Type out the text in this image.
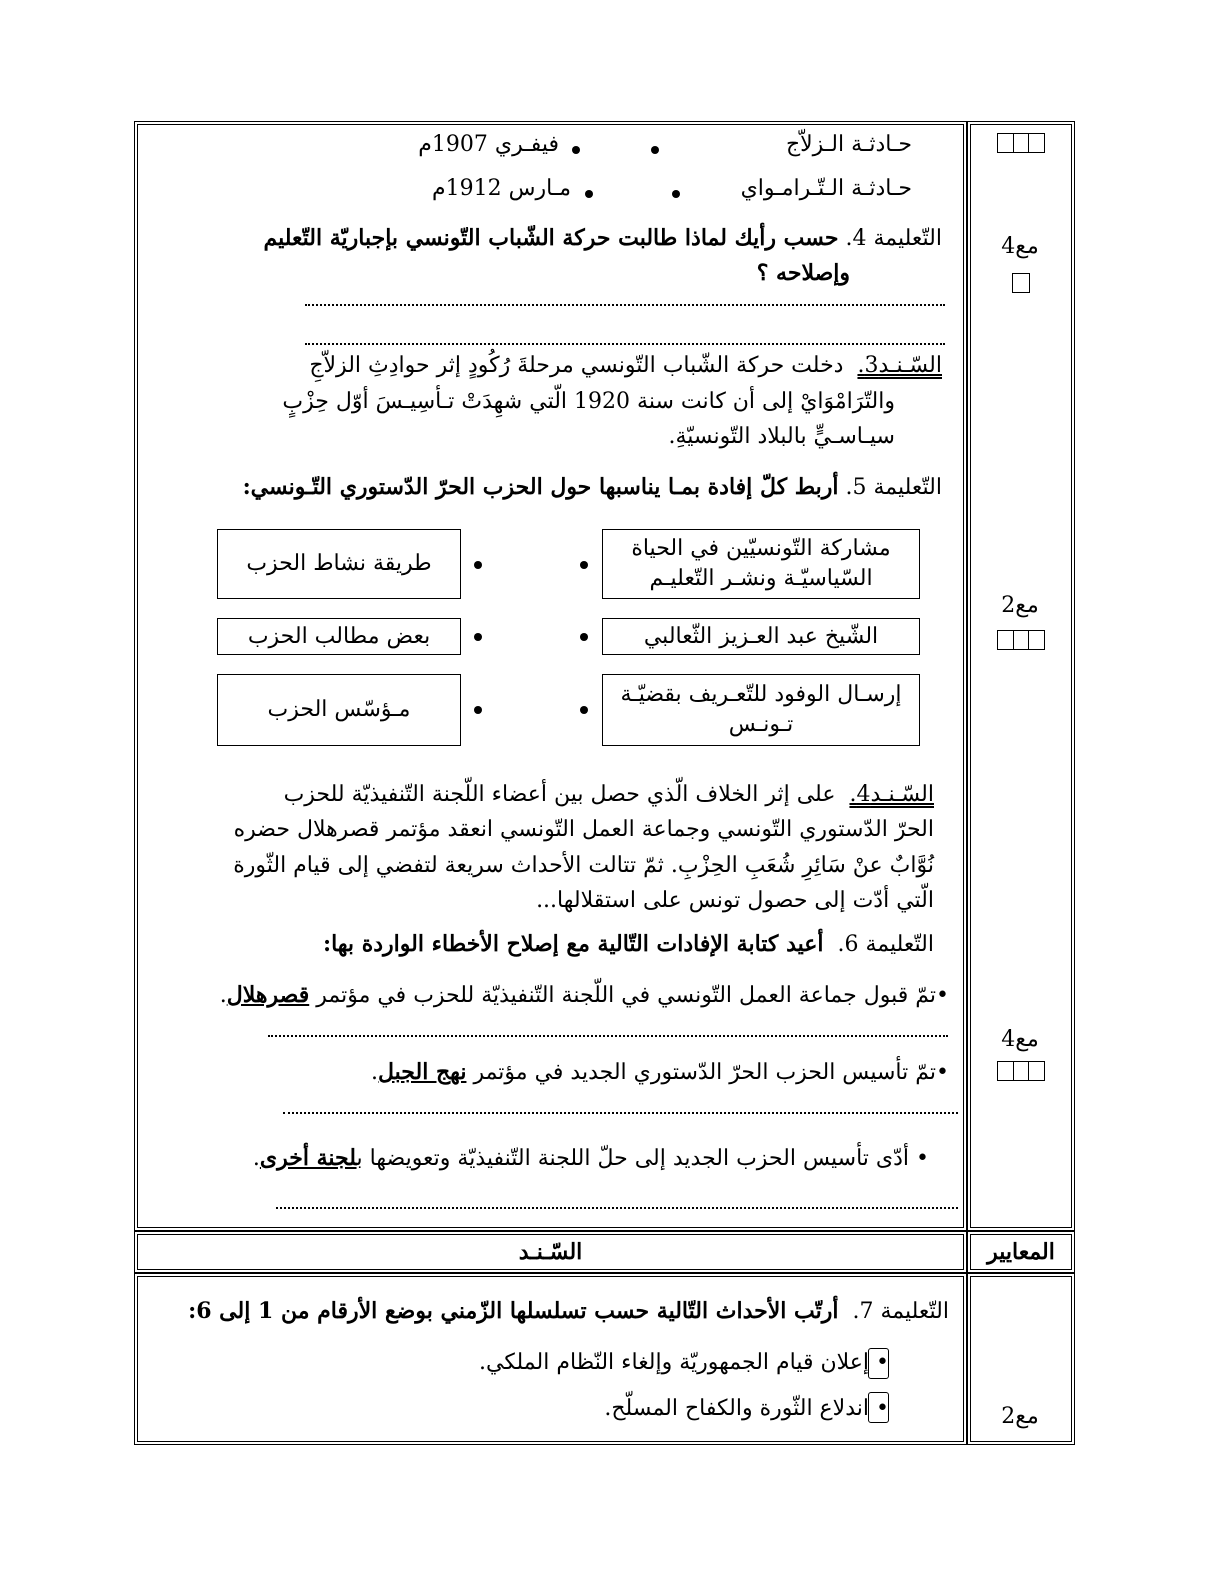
مع4
مع2
مع4
مع2
حـادثـة الـزلاّج
فيفـري 1907م
حـادثـة الـتّـرامـواي
مـارس 1912م
التّعليمة 4. حسب رأيك لماذا طالبت حركة الشّباب التّونسي بإجباريّة التّعليم
وإصلاحه ؟
السّـنـد3.  دخلت حركة الشّباب التّونسي مرحلةَ رُكُودٍ إثر حوادِثِ الزلاّجِ
والتّرَامْوَايْ إلى أن كانت سنة 1920 الّتي شهِدَتْ تـأسِيـسَ أوّل حِزْبٍ
سيـاسـيٍّ بالبلاد التّونسيّةِ.
التّعليمة 5. أربط كلّ إفادة بمـا يناسبها حول الحزب الحرّ الدّستوري التّـونسي:
مشاركة التّونسيّين في الحياة السّياسيّـة ونشـر التّعليـم
الشّيخ عبد العـزيز الثّعالبي
إرسـال الوفود للتّعـريف بقضيّـة تـونـس
طريقة نشاط الحزب
بعض مطالب الحزب
مـؤسّس الحزب
السّـنـد4.  على إثر الخلاف الّذي حصل بين أعضاء اللّجنة التّنفيذيّة للحزب
الحرّ الدّستوري التّونسي وجماعة العمل التّونسي انعقد مؤتمر قصرهلال حضره
نُوَّابٌ عنْ سَائِرِ شُعَبِ الحِزْبِ. ثمّ تتالت الأحداث سريعة لتفضي إلى قيام الثّورة
الّتي أدّت إلى حصول تونس على استقلالها...
التّعليمة 6.  أعيد كتابة الإفادات التّالية مع إصلاح الأخطاء الواردة بها:
•تمّ قبول جماعة العمل التّونسي في اللّجنة التّنفيذيّة للحزب في مؤتمر قصرهلال.
•تمّ تأسيس الحزب الحرّ الدّستوري الجديد في مؤتمر نهج الجبل.
• أدّى تأسيس الحزب الجديد إلى حلّ اللجنة التّنفيذيّة وتعويضها بلجنة أخرى.
السّـنـد	المعايير
التّعليمة 7.  أرتّب الأحداث التّالية حسب تسلسلها الزّمني بوضع الأرقام من 1 إلى 6:
• إعلان قيام الجمهوريّة وإلغاء النّظام الملكي.
• اندلاع الثّورة والكفاح المسلّح.
